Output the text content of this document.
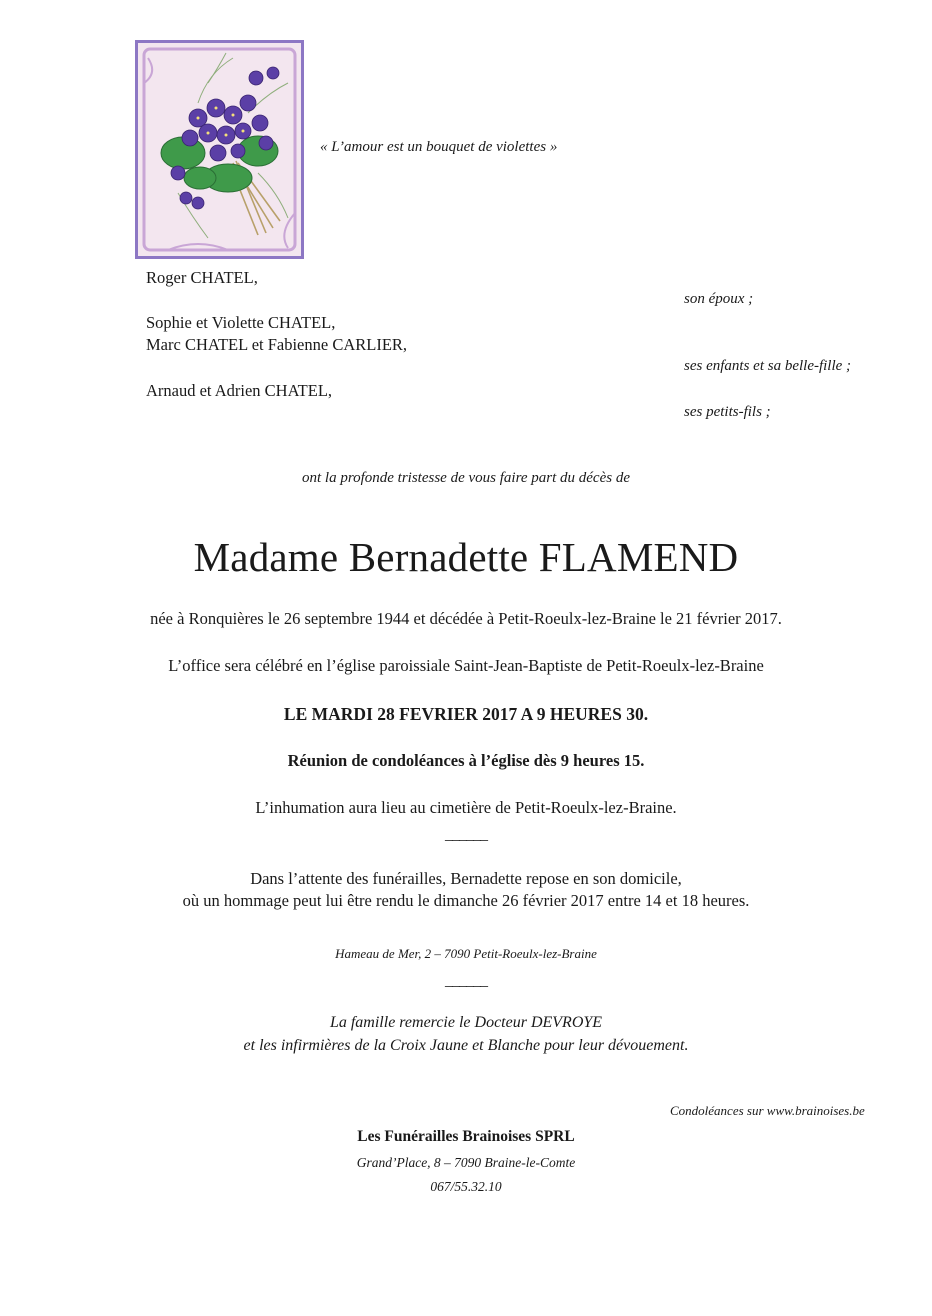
« L’amour est un bouquet de violettes »
Roger CHATEL,
son époux ;
Sophie et Violette CHATEL,
Marc CHATEL et Fabienne CARLIER,
ses enfants et sa belle-fille ;
Arnaud et Adrien CHATEL,
ses petits-fils ;
ont la profonde tristesse de vous faire part du décès de
Madame Bernadette FLAMEND
née à Ronquières le 26 septembre 1944 et décédée à Petit-Roeulx-lez-Braine le 21 février 2017.
L’office sera célébré en l’église paroissiale Saint-Jean-Baptiste de Petit-Roeulx-lez-Braine
LE MARDI 28 FEVRIER 2017 A 9 HEURES 30.
Réunion de condoléances à l’église dès 9 heures 15.
L’inhumation aura lieu au cimetière de Petit-Roeulx-lez-Braine.
______
Dans l’attente des funérailles, Bernadette repose en son domicile,
où un hommage peut lui être rendu le dimanche 26 février 2017 entre 14 et 18 heures.
Hameau de Mer, 2 – 7090 Petit-Roeulx-lez-Braine
______
La famille remercie le Docteur DEVROYE
et les infirmières de la Croix Jaune et Blanche pour leur dévouement.
Condoléances sur www.brainoises.be
Les Funérailles Brainoises SPRL
Grand’Place, 8 – 7090 Braine-le-Comte
067/55.32.10
